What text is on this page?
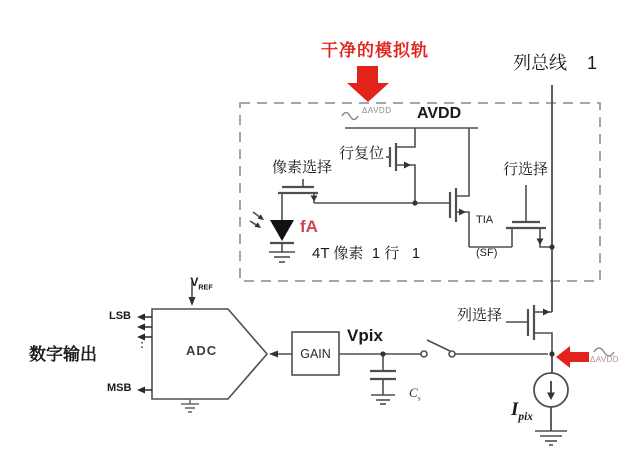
干净的模拟轨
列总线    1
ΔAVDD AVDD
行复位
像素选择	行选择

TIA

(SF)

fA
4T 像素  1 行   1

$V_{REF}$

LSB
:
MSB
ADC
数字输出	GAIN
Vpix

$C_s$

列选择

$I_{pix}$

ΔAVDD
